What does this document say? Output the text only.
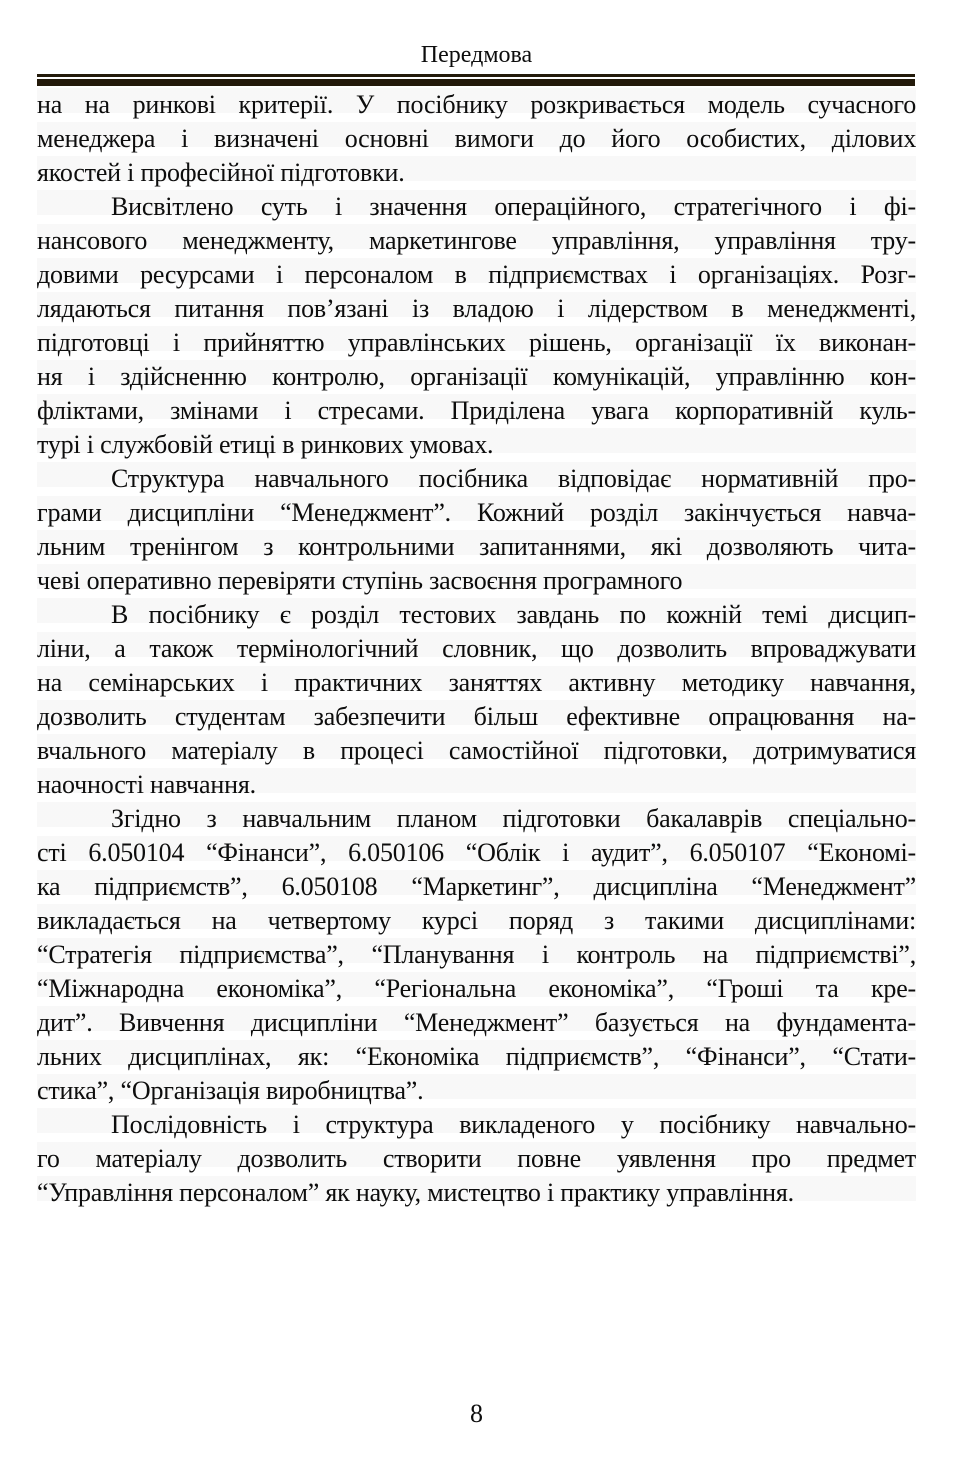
Передмова
на на ринкові критерії. У посібнику розкривається модель сучасного
менеджера і визначені основні вимоги до його особистих, ділових
якостей і професійної підготовки.
Висвітлено суть і значення операційного, стратегічного і фі-
нансового менеджменту, маркетингове управління, управління тру-
довими ресурсами і персоналом в підприємствах і організаціях. Розг-
лядаються питання пов’язані із владою і лідерством в менеджменті,
підготовці і прийняттю управлінських рішень, організації їх виконан-
ня і здійсненню контролю, організації комунікацій, управлінню кон-
фліктами, змінами і стресами. Приділена увага корпоративній куль-
турі і службовій етиці в ринкових умовах.
Структура навчального посібника відповідає нормативній про-
грами дисципліни “Менеджмент”. Кожний розділ закінчується навча-
льним тренінгом з контрольними запитаннями, які дозволяють чита-
чеві оперативно перевіряти ступінь засвоєння програмного
В посібнику є розділ тестових завдань по кожній темі дисцип-
ліни, а також термінологічний словник, що дозволить впроваджувати
на семінарських і практичних заняттях активну методику навчання,
дозволить студентам забезпечити більш ефективне опрацювання на-
вчального матеріалу в процесі самостійної підготовки, дотримуватися
наочності навчання.
Згідно з навчальним планом підготовки бакалаврів спеціально-
сті 6.050104 “Фінанси”, 6.050106 “Облік і аудит”, 6.050107 “Економі-
ка підприємств”, 6.050108 “Маркетинг”, дисципліна “Менеджмент”
викладається на четвертому курсі поряд з такими дисциплінами:
“Стратегія підприємства”, “Планування і контроль на підприємстві”,
“Міжнародна економіка”, “Регіональна економіка”, “Гроші та кре-
дит”. Вивчення дисципліни “Менеджмент” базується на фундамента-
льних дисциплінах, як: “Економіка підприємств”, “Фінанси”, “Стати-
стика”, “Організація виробництва”.
Послідовність і структура викладеного у посібнику навчально-
го матеріалу дозволить створити повне уявлення про предмет
“Управління персоналом” як науку, мистецтво і практику управління.
8
